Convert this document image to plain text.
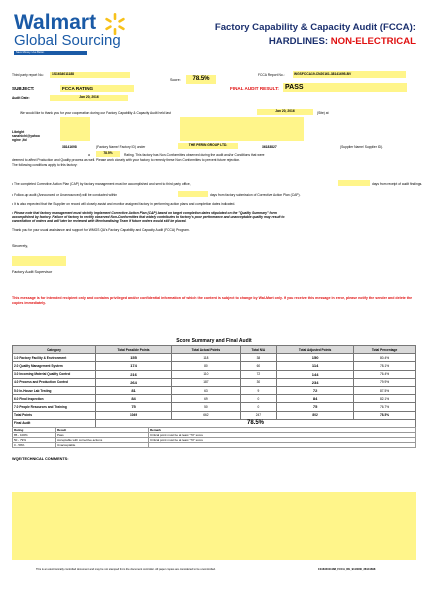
Walmart
Global Sourcing
Save Money. Live Better.
Factory Capability & Capacity Audit (FCCA):
HARDLINES: NON-ELECTRICAL
Third party report No.:	1S1634011188
Score:	78.5%
FCCA Report No.:	WGSFCCA19-CN20161-38141695-BV
SUBJECT:	FCCA RATING	FINAL AUDIT RESULT: PASS
Audit Date:	Jan 20, 2016
We would like to thank you for your cooperation during our Factory Capability & Capacity Audit held last	Jan 20, 2016	(Site) at
Libright
sanzhichi@yahoo
ngine ,ltd
38141698	(Factory Name/ Factory ID) under	THE PERIN GROUP LTD.	36183827	(Supplier Name/ Supplier ID).
a	78.5%	Rating. This factory has Non-Conformities observed during the audit and/or Conditions that were
deemed to affect Production and Quality process as well. Please work closely with your factory to remedy these Non Conformities to prevent future rejection.
The following conditions apply to this factory:
• The completed Corrective Action Plan (CAP) by factory management must be accomplished and sent to third party office,	days from receipt of audit findings.
• Follow-up audit (Announced or Unannounced) will be conducted within	days from factory submission of Corrective Action Plan (CAP).
• It is also expected that the Supplier on record will closely assist and monitor assigned factory in performing action plans and completion dates indicated.
• Please note that factory management must strictly implement Corrective Action Plan (CAP) based on target completion dates stipulated on the "Quality Summary" form
accomplished by factory. Failure of factory to rectify observed Non-Conformities that widely contributes to factory's poor performance and unacceptable quality may result to
cancellation of orders and will later be reviewed with Merchandising Team if future orders would still be placed.
Thank you for your usual assistance and support for WMGS QA's Factory Capability and Capacity Audit (FCCA) Program.
Sincerely,
Factory Audit Supervisor
This message is for intended recipient only and contains privileged and/or confidential information of which the content is subject to change by Wal-Mart only. If you receive this message in error, please notify the sender and delete the copies immediately.
Score Summary and Final Audit
Category	Total Possible Points	Total Actual Points	Total N/A	Total Adjusted Points	Total Percentage
1.0 Factory Facility & Environment	155	118	38	150	80.4%
2.0 Quality Management System	174	80	60	114	78.1%
3.0 Incoming Material Quality Control	216	110	72	144	76.4%
4.0 Process and Production Control	264	187	30	234	79.9%
5.0 In-House Lab Testing	81	63	9	72	87.5%
6.0 Final Inspection	84	69	0	84	82.1%
7.0 People Resources and Training	75	50	0	75	76.7%
Total Points	1049	662	247	802	78.5%
Final Audit	78.5%				
Rating	Result	Remark
85 - 100%	Pass	Critical point must be at least "70" score
50 - 79%	Acceptable with corrective actions	Critical point must be at least "70" score
0 - 59%	Unacceptable	
WQE/TECHNICAL COMMENTS:
This is an electronically controlled document and may be not stamped from the document controller. All paper copies are considered to be uncontrolled.	1S1634011188_FCCA_RE_9113030_38141698
